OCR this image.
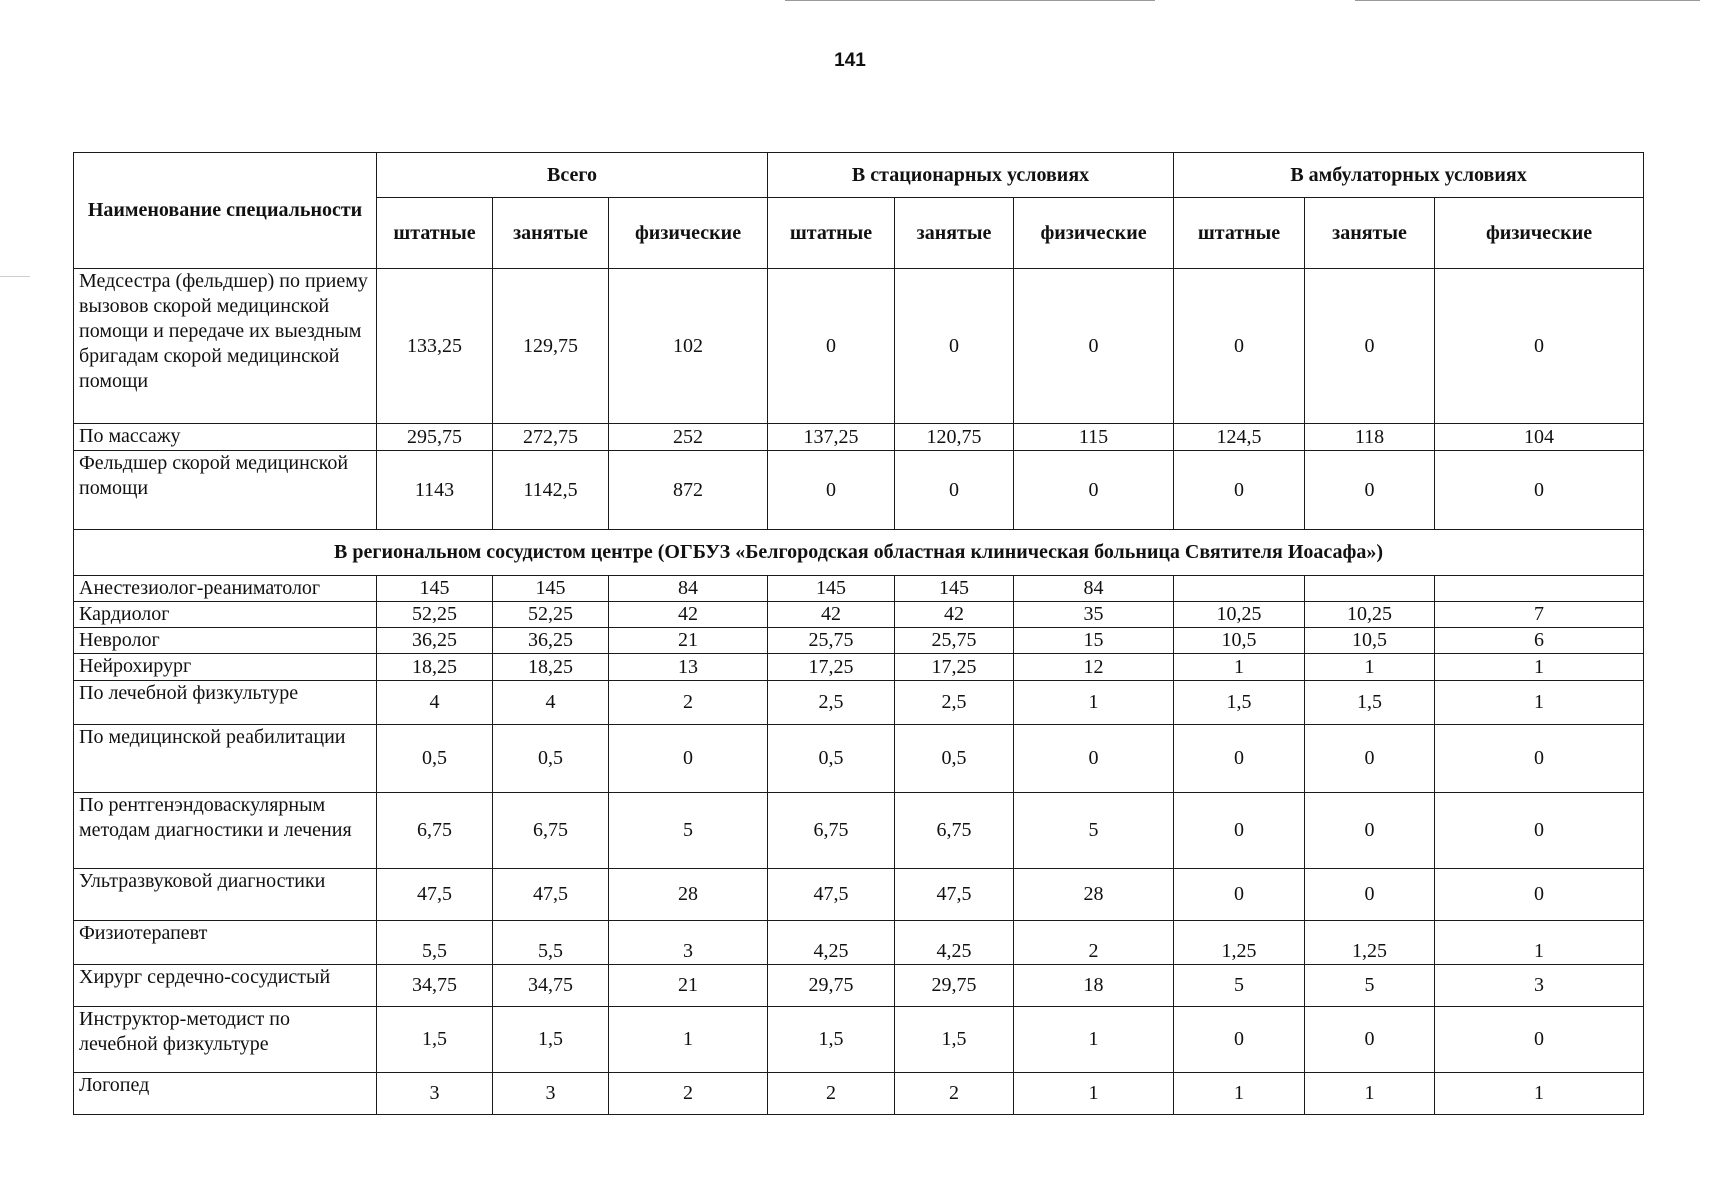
141
Наименование специальности	Всего			В стационарных условиях			В амбулаторных условиях		
	штатные	занятые	физические	штатные	занятые	физические	штатные	занятые	физические
Медсестра (фельдшер) по приему вызовов скорой медицинской помощи и передаче их выездным бригадам скорой медицинской помощи	133,25	129,75	102	0	0	0	0	0	0
По массажу	295,75	272,75	252	137,25	120,75	115	124,5	118	104
Фельдшер скорой медицинской помощи	1143	1142,5	872	0	0	0	0	0	0
В региональном сосудистом центре (ОГБУЗ «Белгородская областная клиническая больница Святителя Иоасафа»)									
Анестезиолог-реаниматолог	145	145	84	145	145	84			
Кардиолог	52,25	52,25	42	42	42	35	10,25	10,25	7
Невролог	36,25	36,25	21	25,75	25,75	15	10,5	10,5	6
Нейрохирург	18,25	18,25	13	17,25	17,25	12	1	1	1
По лечебной физкультуре	4	4	2	2,5	2,5	1	1,5	1,5	1
По медицинской реабилитации	0,5	0,5	0	0,5	0,5	0	0	0	0
По рентгенэндоваскулярным методам диагностики и лечения	6,75	6,75	5	6,75	6,75	5	0	0	0
Ультразвуковой диагностики	47,5	47,5	28	47,5	47,5	28	0	0	0
Физиотерапевт	5,5	5,5	3	4,25	4,25	2	1,25	1,25	1
Хирург сердечно-сосудистый	34,75	34,75	21	29,75	29,75	18	5	5	3
Инструктор-методист по лечебной физкультуре	1,5	1,5	1	1,5	1,5	1	0	0	0
Логопед	3	3	2	2	2	1	1	1	1
